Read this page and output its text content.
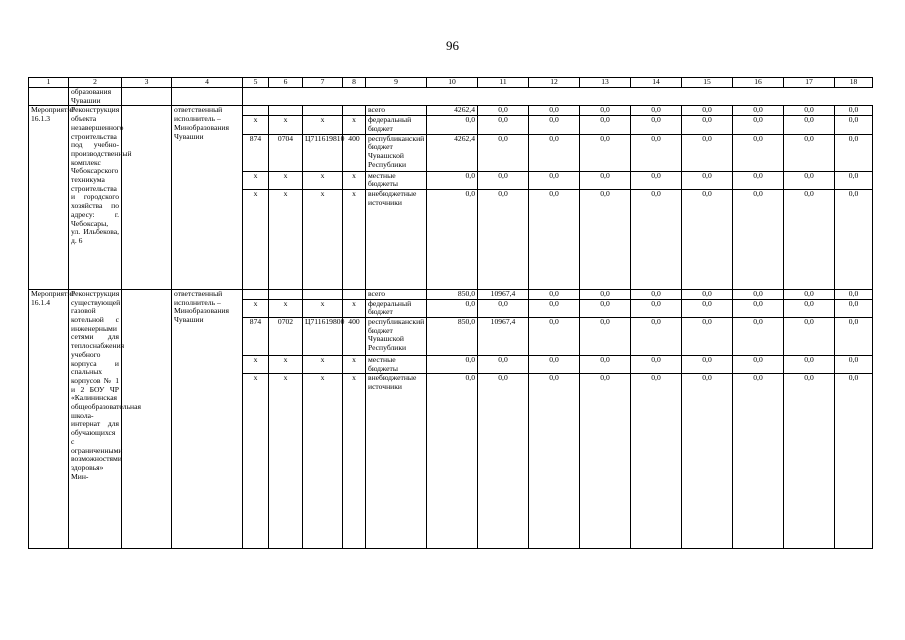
96
1	2	3	4	5	6	7	8	9	10	11	12	13	14	15	16	17	18
	образования Чувашии																
Мероприятие 16.1.3	Реконструкция объекта незавершенного строительства под учебно-производственный комплекс Чебоксарского техникума строительства и городского хозяйства по адресу: г. Чебоксары, ул. Ильбекова, д. 6		ответственный исполнитель – Минобразования Чувашии					всего	4262,4	0,0	0,0	0,0	0,0	0,0	0,0	0,0	0,0
				х	х	х	х	федеральный бюджет	0,0	0,0	0,0	0,0	0,0	0,0	0,0	0,0	0,0
				874	0704	Ц711619810	400	республиканский бюджет Чувашской Республики	4262,4	0,0	0,0	0,0	0,0	0,0	0,0	0,0	0,0
				х	х	х	х	местные бюджеты	0,0	0,0	0,0	0,0	0,0	0,0	0,0	0,0	0,0
				х	х	х	х	внебюджетные источники	0,0	0,0	0,0	0,0	0,0	0,0	0,0	0,0	0,0
Мероприятие 16.1.4	Реконструкция существующей газовой котельной с инженерными сетями для теплоснабжения учебного корпуса и спальных корпусов № 1 и 2 БОУ ЧР «Калининская общеобразовательная школа-интернат для обучающихся с ограниченными возможностями здоровья» Мин-		ответственный исполнитель – Минобразования Чувашии					всего	850,0	10967,4	0,0	0,0	0,0	0,0	0,0	0,0	0,0
				х	х	х	х	федеральный бюджет	0,0	0,0	0,0	0,0	0,0	0,0	0,0	0,0	0,0
				874	0702	Ц711619800	400	республиканский бюджет Чувашской Республики	850,0	10967,4	0,0	0,0	0,0	0,0	0,0	0,0	0,0
				х	х	х	х	местные бюджеты	0,0	0,0	0,0	0,0	0,0	0,0	0,0	0,0	0,0
				х	х	х	х	внебюджетные источники	0,0	0,0	0,0	0,0	0,0	0,0	0,0	0,0	0,0
